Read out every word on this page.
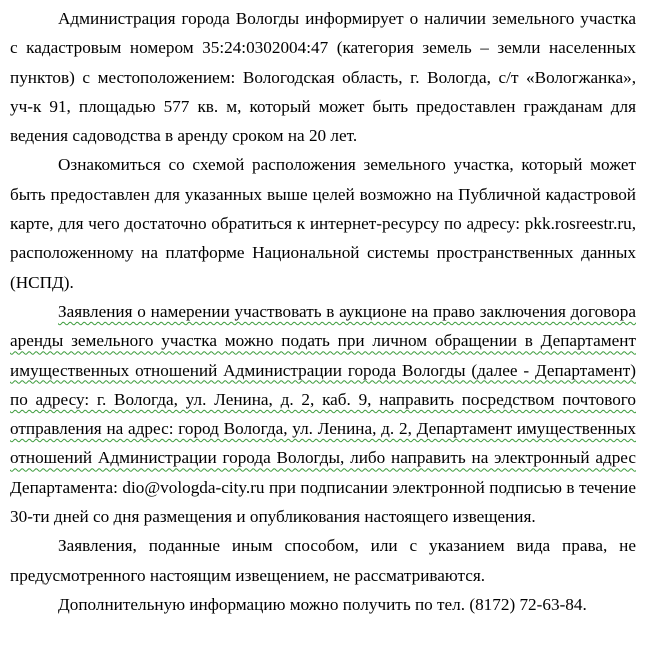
Администрация города Вологды информирует о наличии земельного участка с кадастровым номером 35:24:0302004:47 (категория земель – земли населенных пунктов) с местоположением: Вологодская область, г. Вологда, с/т «Вологжанка», уч-к 91, площадью 577 кв. м, который может быть предоставлен гражданам для ведения садоводства в аренду сроком на 20 лет.

Ознакомиться со схемой расположения земельного участка, который может быть предоставлен для указанных выше целей возможно на Публичной кадастровой карте, для чего достаточно обратиться к интернет-ресурсу по адресу: pkk.rosreestr.ru, расположенному на платформе Национальной системы пространственных данных (НСПД).

Заявления о намерении участвовать в аукционе на право заключения договора аренды земельного участка можно подать при личном обращении в Департамент имущественных отношений Администрации города Вологды (далее - Департамент) по адресу: г. Вологда, ул. Ленина, д. 2, каб. 9, направить посредством почтового отправления на адрес: город Вологда, ул. Ленина, д. 2, Департамент имущественных отношений Администрации города Вологды, либо направить на электронный адрес Департамента: dio@vologda-city.ru при подписании электронной подписью в течение 30-ти дней со дня размещения и опубликования настоящего извещения.

Заявления, поданные иным способом, или с указанием вида права, не предусмотренного настоящим извещением, не рассматриваются.

Дополнительную информацию можно получить по тел. (8172) 72-63-84.
